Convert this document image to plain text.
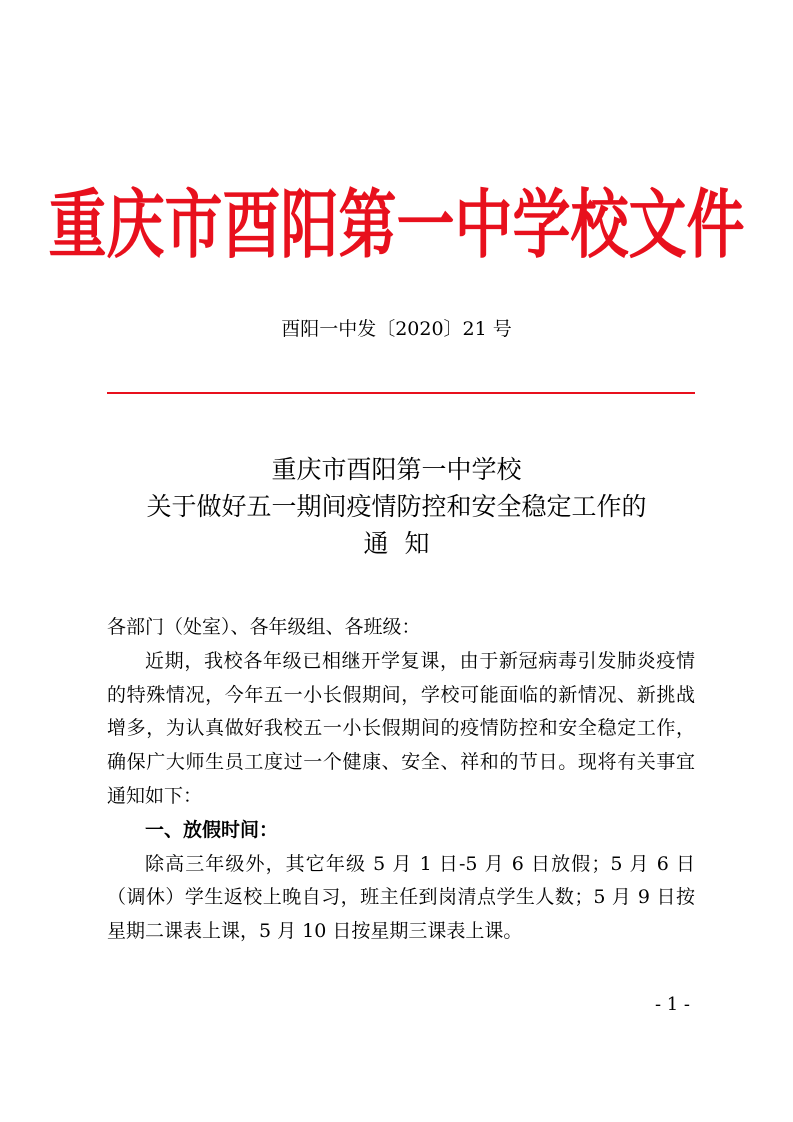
重庆市酉阳第一中学校文件
酉阳一中发〔2020〕21 号
重庆市酉阳第一中学校
关于做好五一期间疫情防控和安全稳定工作的
通  知

各部门（处室）、各年级组、各班级：

近期，我校各年级已相继开学复课，由于新冠病毒引发肺炎疫情的特殊情况，今年五一小长假期间，学校可能面临的新情况、新挑战增多，为认真做好我校五一小长假期间的疫情防控和安全稳定工作，确保广大师生员工度过一个健康、安全、祥和的节日。现将有关事宜通知如下：

一、放假时间：

除高三年级外，其它年级 5 月 1 日-5 月 6 日放假；5 月 6 日（调休）学生返校上晚自习，班主任到岗清点学生人数；5 月 9 日按星期二课表上课，5 月 10 日按星期三课表上课。

- 1 -
